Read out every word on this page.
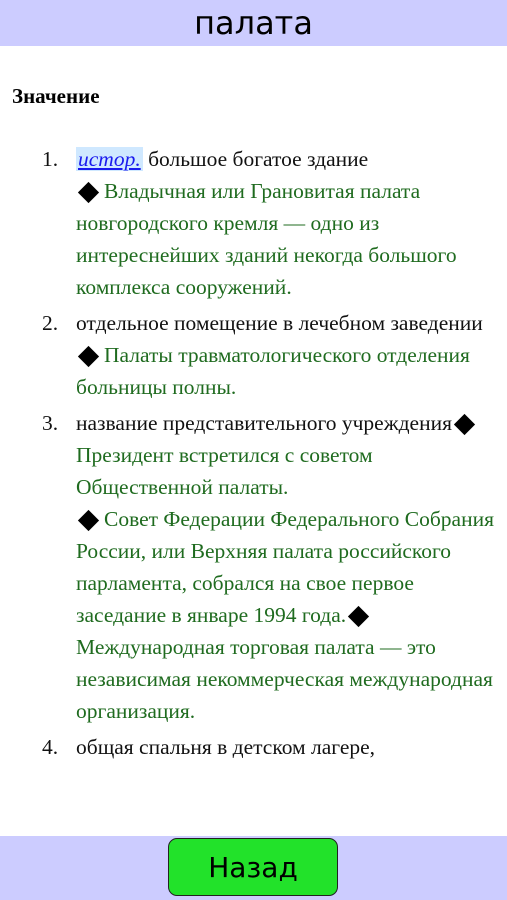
палата
Значение
1. истор. большое богатое здание
Владычная или Грановитая палата новгородского кремля — одно из интереснейших зданий некогда большого комплекса сооружений.
2. отдельное помещение в лечебном заведенииПалаты травматологического отделения больницы полны.
3. название представительного учрежденияПрезидент встретился с советом Общественной палаты.
Совет Федерации Федерального Собрания России, или Верхняя палата российского парламента, собрался на свое первое заседание в январе 1994 года.Международная торговая палата — это независимая некоммерческая международная организация.
4. общая спальня в детском лагере,
Назад
